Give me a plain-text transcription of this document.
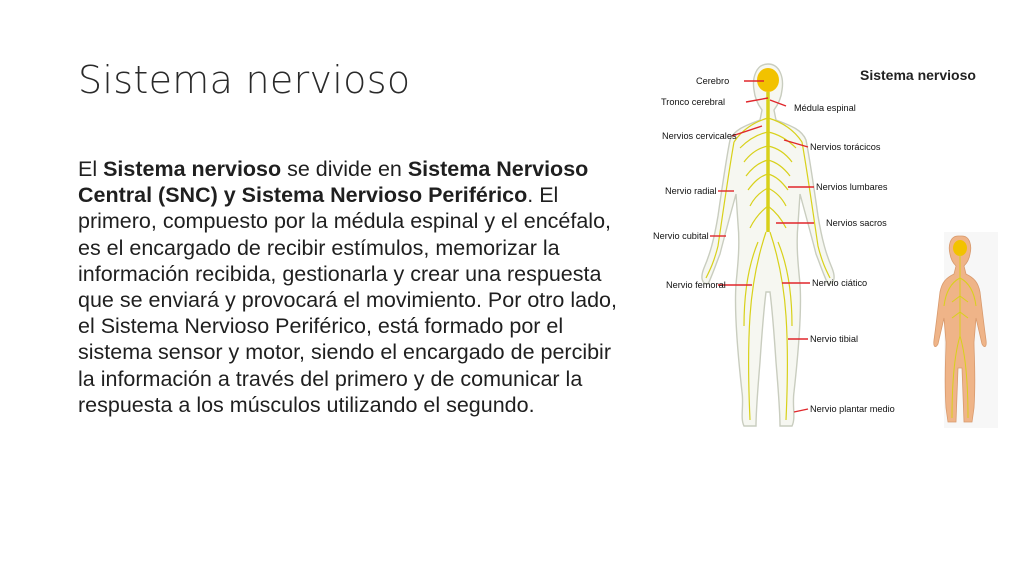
Sistema nervioso

El Sistema nervioso se divide en Sistema Nervioso Central (SNC) y Sistema Nervioso Periférico. El primero, compuesto por la médula espinal y el encéfalo, es el encargado de recibir estímulos, memorizar la información recibida, gestionarla y crear una respuesta que se enviará y provocará el movimiento. Por otro lado, el Sistema Nervioso Periférico, está formado por el sistema sensor y motor, siendo el encargado de percibir la información a través del primero y de comunicar la respuesta a los músculos utilizando el segundo.

Sistema nervioso
Cerebro
Tronco cerebral
Médula espinal
Nervios cervicales
Nervios torácicos
Nervio radial	Nervios lumbares
Nervio cubital
Nervios sacros
Nervio femoral	Nervio ciático
Nervio tibial
Nervio plantar medio
